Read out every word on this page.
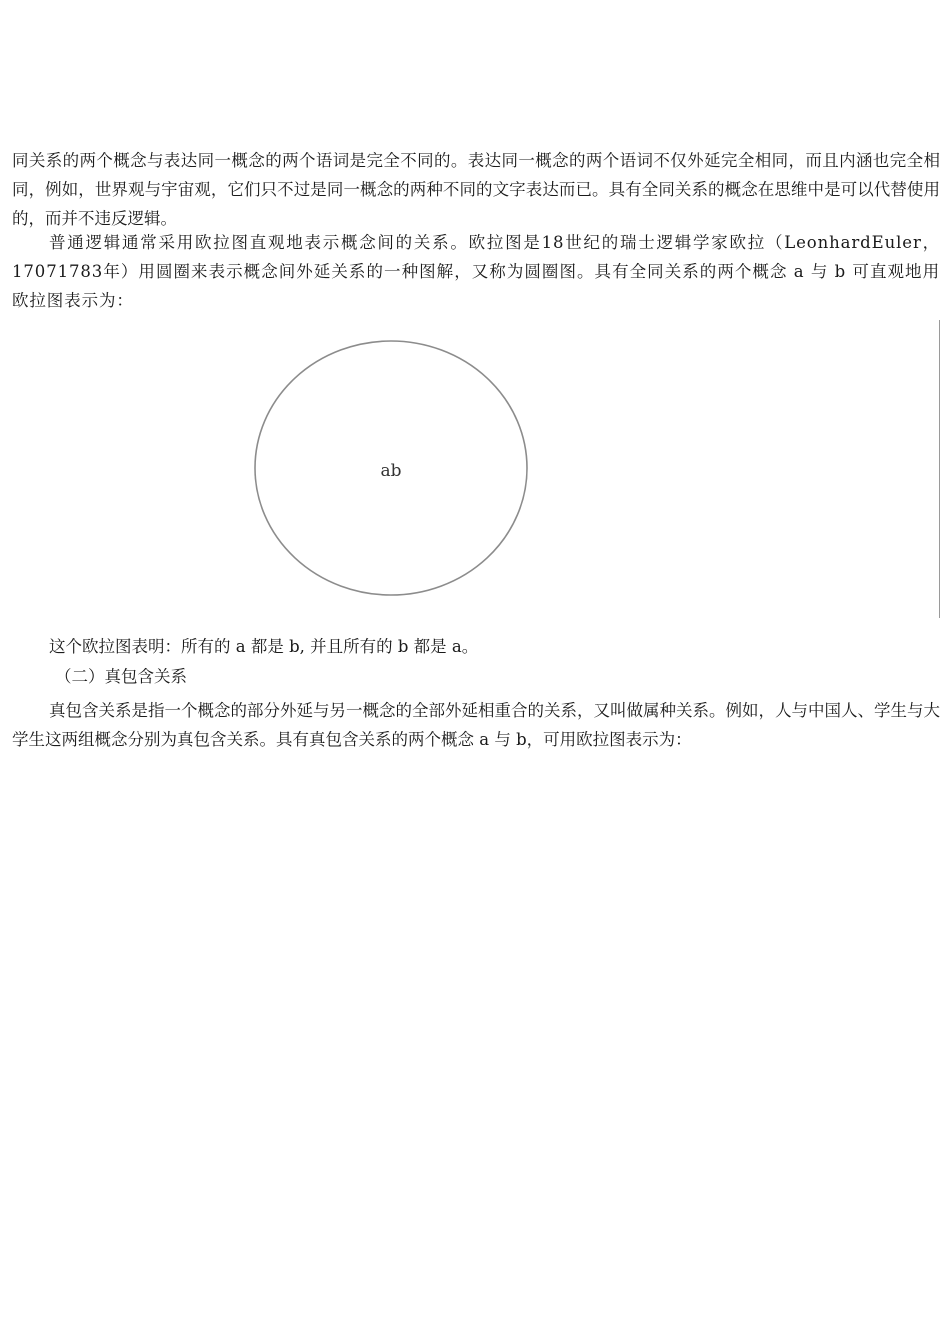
同关系的两个概念与表达同一概念的两个语词是完全不同的。表达同一概念的两个语词不仅外延完全相同，而且内涵也完全相同，例如，世界观与宇宙观，它们只不过是同一概念的两种不同的文字表达而已。具有全同关系的概念在思维中是可以代替使用的，而并不违反逻辑。

普通逻辑通常采用欧拉图直观地表示概念间的关系。欧拉图是18世纪的瑞士逻辑学家欧拉（LeonhardEuler，17071783年）用圆圈来表示概念间外延关系的一种图解，又称为圆圈图。具有全同关系的两个概念 a 与 b 可直观地用欧拉图表示为：

ab

这个欧拉图表明：所有的 a 都是 b, 并且所有的 b 都是 a。

（二）真包含关系

真包含关系是指一个概念的部分外延与另一概念的全部外延相重合的关系，又叫做属种关系。例如，人与中国人、学生与大学生这两组概念分别为真包含关系。具有真包含关系的两个概念 a 与 b，可用欧拉图表示为：
